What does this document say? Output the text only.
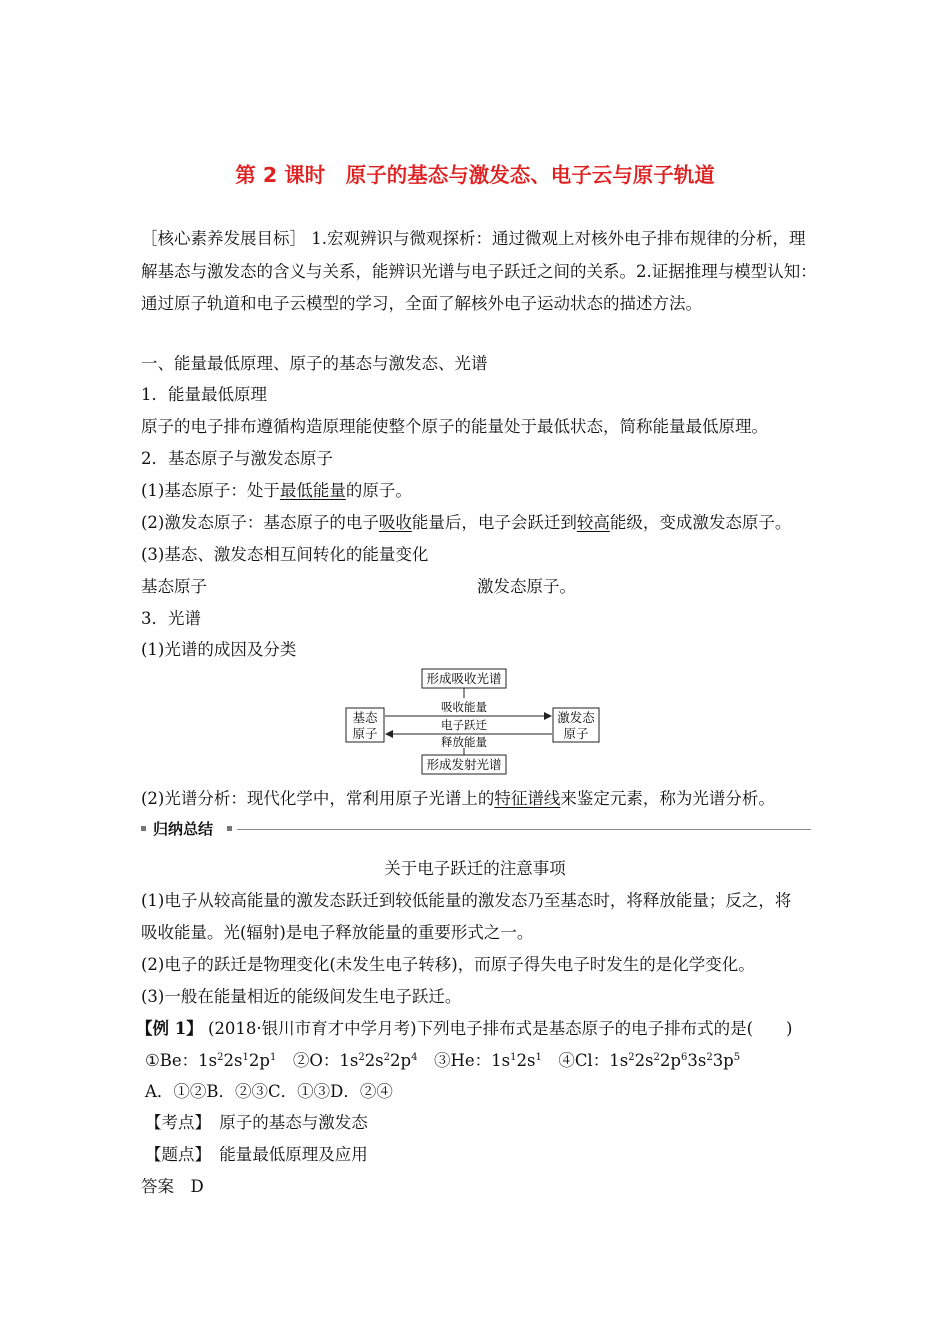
第 2 课时　原子的基态与激发态、电子云与原子轨道
［核心素养发展目标］ 1.宏观辨识与微观探析：通过微观上对核外电子排布规律的分析，理
解基态与激发态的含义与关系，能辨识光谱与电子跃迁之间的关系。2.证据推理与模型认知：
通过原子轨道和电子云模型的学习，全面了解核外电子运动状态的描述方法。
一、能量最低原理、原子的基态与激发态、光谱
1．能量最低原理
原子的电子排布遵循构造原理能使整个原子的能量处于最低状态，简称能量最低原理。
2．基态原子与激发态原子
(1)基态原子：处于最低能量的原子。
(2)激发态原子：基态原子的电子吸收能量后，电子会跃迁到较高能级，变成激发态原子。
(3)基态、激发态相互间转化的能量变化
基态原子	激发态原子。
3．光谱
(1)光谱的成因及分类
形成吸收光谱
形成发射光谱
基态
原子
激发态
原子
吸收能量
电子跃迁
释放能量
(2)光谱分析：现代化学中，常利用原子光谱上的特征谱线来鉴定元素，称为光谱分析。
归纳总结
关于电子跃迁的注意事项
(1)电子从较高能量的激发态跃迁到较低能量的激发态乃至基态时，将释放能量；反之，将
吸收能量。光(辐射)是电子释放能量的重要形式之一。
(2)电子的跃迁是物理变化(未发生电子转移)，而原子得失电子时发生的是化学变化。
(3)一般在能量相近的能级间发生电子跃迁。
【例 1】 (2018·银川市育才中学月考)下列电子排布式是基态原子的电子排布式的是(　　)
①Be：$1s^22s^12p^1$　②O：$1s^22s^22p^4$　③He：$1s^12s^1$　④Cl：$1s^22s^22p^63s^23p^5$
A．①②B．②③C．①③D．②④
【考点】　 原子的基态与激发态
【题点】　 能量最低原理及应用
答案　D
